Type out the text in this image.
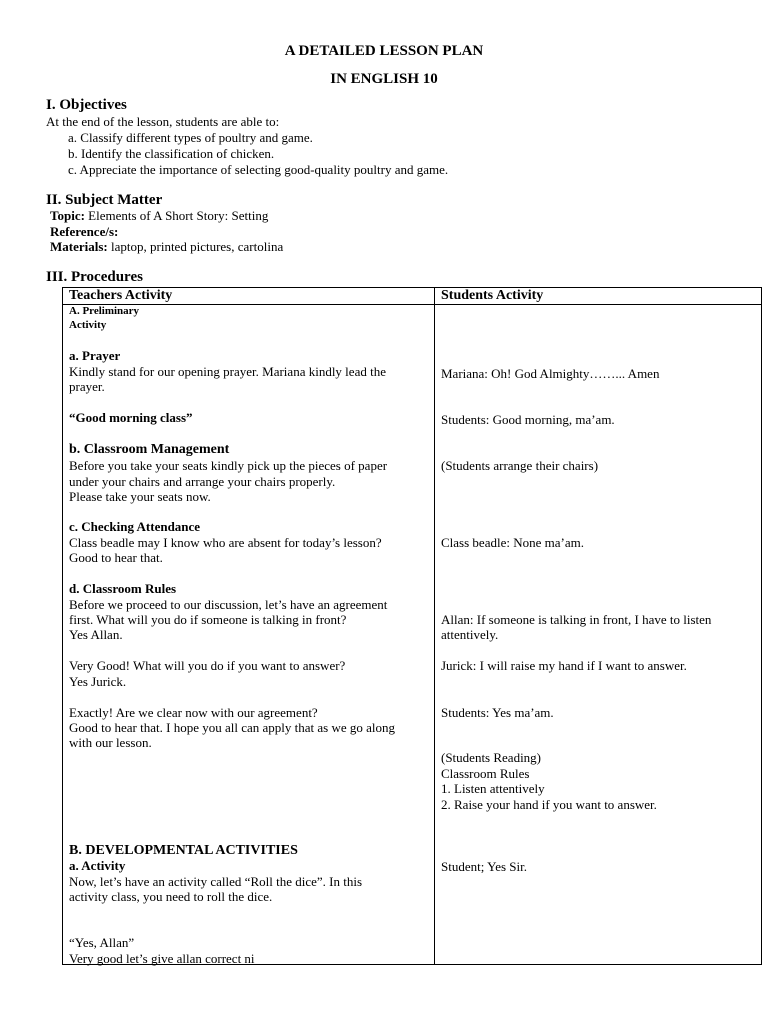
A DETAILED LESSON PLAN
IN ENGLISH 10
I. Objectives
At the end of the lesson, students are able to:
a. Classify different types of poultry and game.
b. Identify the classification of chicken.
c. Appreciate the importance of selecting good-quality poultry and game.
II. Subject Matter
Topic: Elements of A Short Story: Setting
Reference/s:
Materials: laptop, printed pictures, cartolina
III. Procedures
Teachers Activity	Students Activity
A. Preliminary
Activity
a. Prayer
Kindly stand for our opening prayer. Mariana kindly lead the
prayer.
“Good morning class”
b. Classroom Management
Before you take your seats kindly pick up the pieces of paper
under your chairs and arrange your chairs properly.
Please take your seats now.
c. Checking Attendance
Class beadle may I know who are absent for today’s lesson?
Good to hear that.
d. Classroom Rules
Before we proceed to our discussion, let’s have an agreement
first. What will you do if someone is talking in front?
Yes Allan.
Very Good! What will you do if you want to answer?
Yes Jurick.
Exactly! Are we clear now with our agreement?
Good to hear that. I hope you all can apply that as we go along
with our lesson.
B. DEVELOPMENTAL ACTIVITIES
a. Activity
Now, let’s have an activity called “Roll the dice”. In this
activity class, you need to roll the dice.
“Yes, Allan”
Very good let’s give allan correct ni
Mariana: Oh! God Almighty……... Amen
Students: Good morning, ma’am.
(Students arrange their chairs)
Class beadle: None ma’am.
Allan: If someone is talking in front, I have to listen
attentively.
Jurick: I will raise my hand if I want to answer.
Students: Yes ma’am.
(Students Reading)
Classroom Rules
1. Listen attentively
2. Raise your hand if you want to answer.
Student; Yes Sir.
